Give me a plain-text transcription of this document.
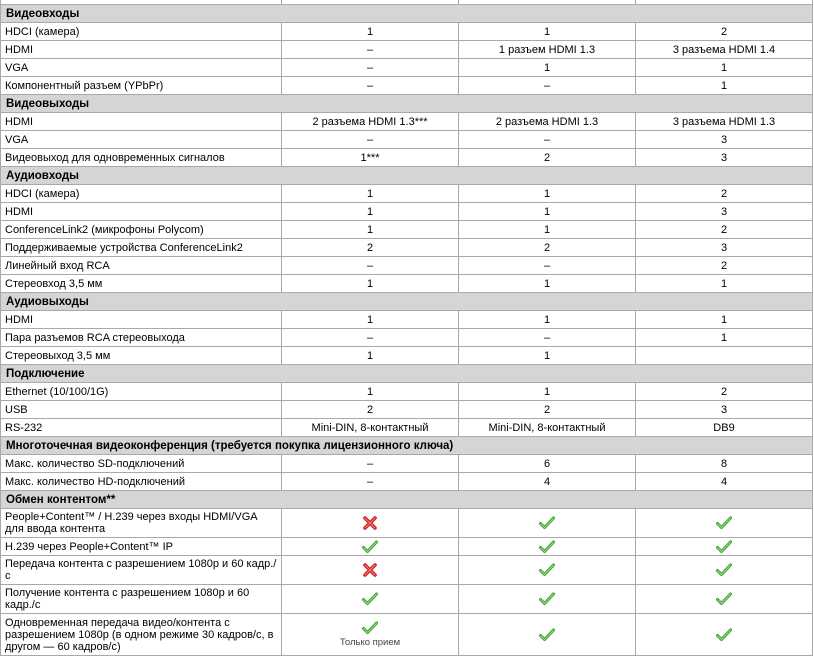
Видеовходы			
HDCI (камера)	1	1	2
HDMI	–	1 разъем HDMI 1.3	3 разъема HDMI 1.4
VGA	–	1	1
Компонентный разъем (YPbPr)	–	–	1
Видеовыходы			
HDMI	2 разъема HDMI 1.3***	2 разъема HDMI 1.3	3 разъема HDMI 1.3
VGA	–	–	3
Видеовыход для одновременных сигналов	1***	2	3
Аудиовходы			
HDCI (камера)	1	1	2
HDMI	1	1	3
ConferenceLink2 (микрофоны Polycom)	1	1	2
Поддерживаемые устройства ConferenceLink2	2	2	3
Линейный вход RCA	–	–	2
Стереовход 3,5 мм	1	1	1
Аудиовыходы			
HDMI	1	1	1
Пара разъемов RCA стереовыхода	–	–	1
Стереовыход 3,5 мм	1	1	
Подключение			
Ethernet (10/100/1G)	1	1	2
USB	2	2	3
RS-232	Mini-DIN, 8-контактный	Mini-DIN, 8-контактный	DB9
Многоточечная видеоконференция (требуется покупка лицензионного ключа)			
Макс. количество SD-подключений	–	6	8
Макс. количество HD-подключений	–	4	4
Обмен контентом**			
People+Content™ / H.239 через входы HDMI/VGA для ввода контента			
H.239 через People+Content™ IP			
Передача контента с разрешением 1080p и 60 кадр./с			
Получение контента с разрешением 1080p и 60 кадр./с			
Одновременная передача видео/контента с разрешением 1080p (в одном режиме 30 кадров/с, в другом — 60 кадров/с)	Только прием
